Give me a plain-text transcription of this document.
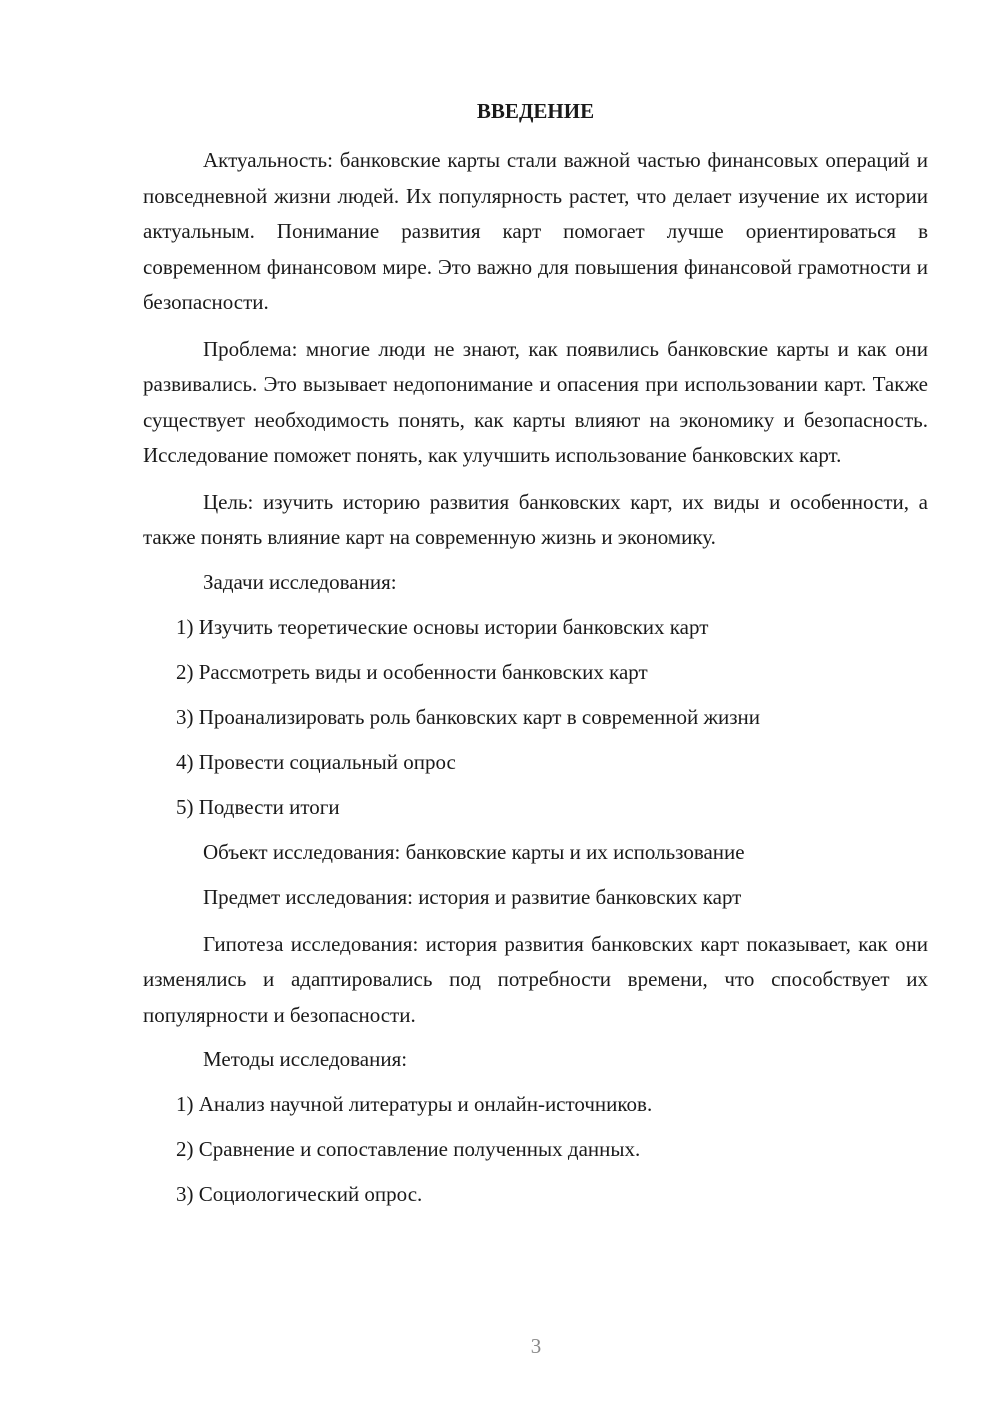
ВВЕДЕНИЕ

Актуальность: банковские карты стали важной частью финансовых операций и повседневной жизни людей. Их популярность растет, что делает изучение их истории актуальным. Понимание развития карт помогает лучше ориентироваться в современном финансовом мире. Это важно для повышения финансовой грамотности и безопасности.

Проблема: многие люди не знают, как появились банковские карты и как они развивались. Это вызывает недопонимание и опасения при использовании карт. Также существует необходимость понять, как карты влияют на экономику и безопасность. Исследование поможет понять, как улучшить использование банковских карт.

Цель: изучить историю развития банковских карт, их виды и особенности, а также понять влияние карт на современную жизнь и экономику.

Задачи исследования:
1) Изучить теоретические основы истории банковских карт
2) Рассмотреть виды и особенности банковских карт
3) Проанализировать роль банковских карт в современной жизни
4) Провести социальный опрос
5) Подвести итоги
Объект исследования: банковские карты и их использование
Предмет исследования: история и развитие банковских карт

Гипотеза исследования: история развития банковских карт показывает, как они изменялись и адаптировались под потребности времени, что способствует их популярности и безопасности.

Методы исследования:
1) Анализ научной литературы и онлайн-источников.
2) Сравнение и сопоставление полученных данных.
3) Социологический опрос.
3
